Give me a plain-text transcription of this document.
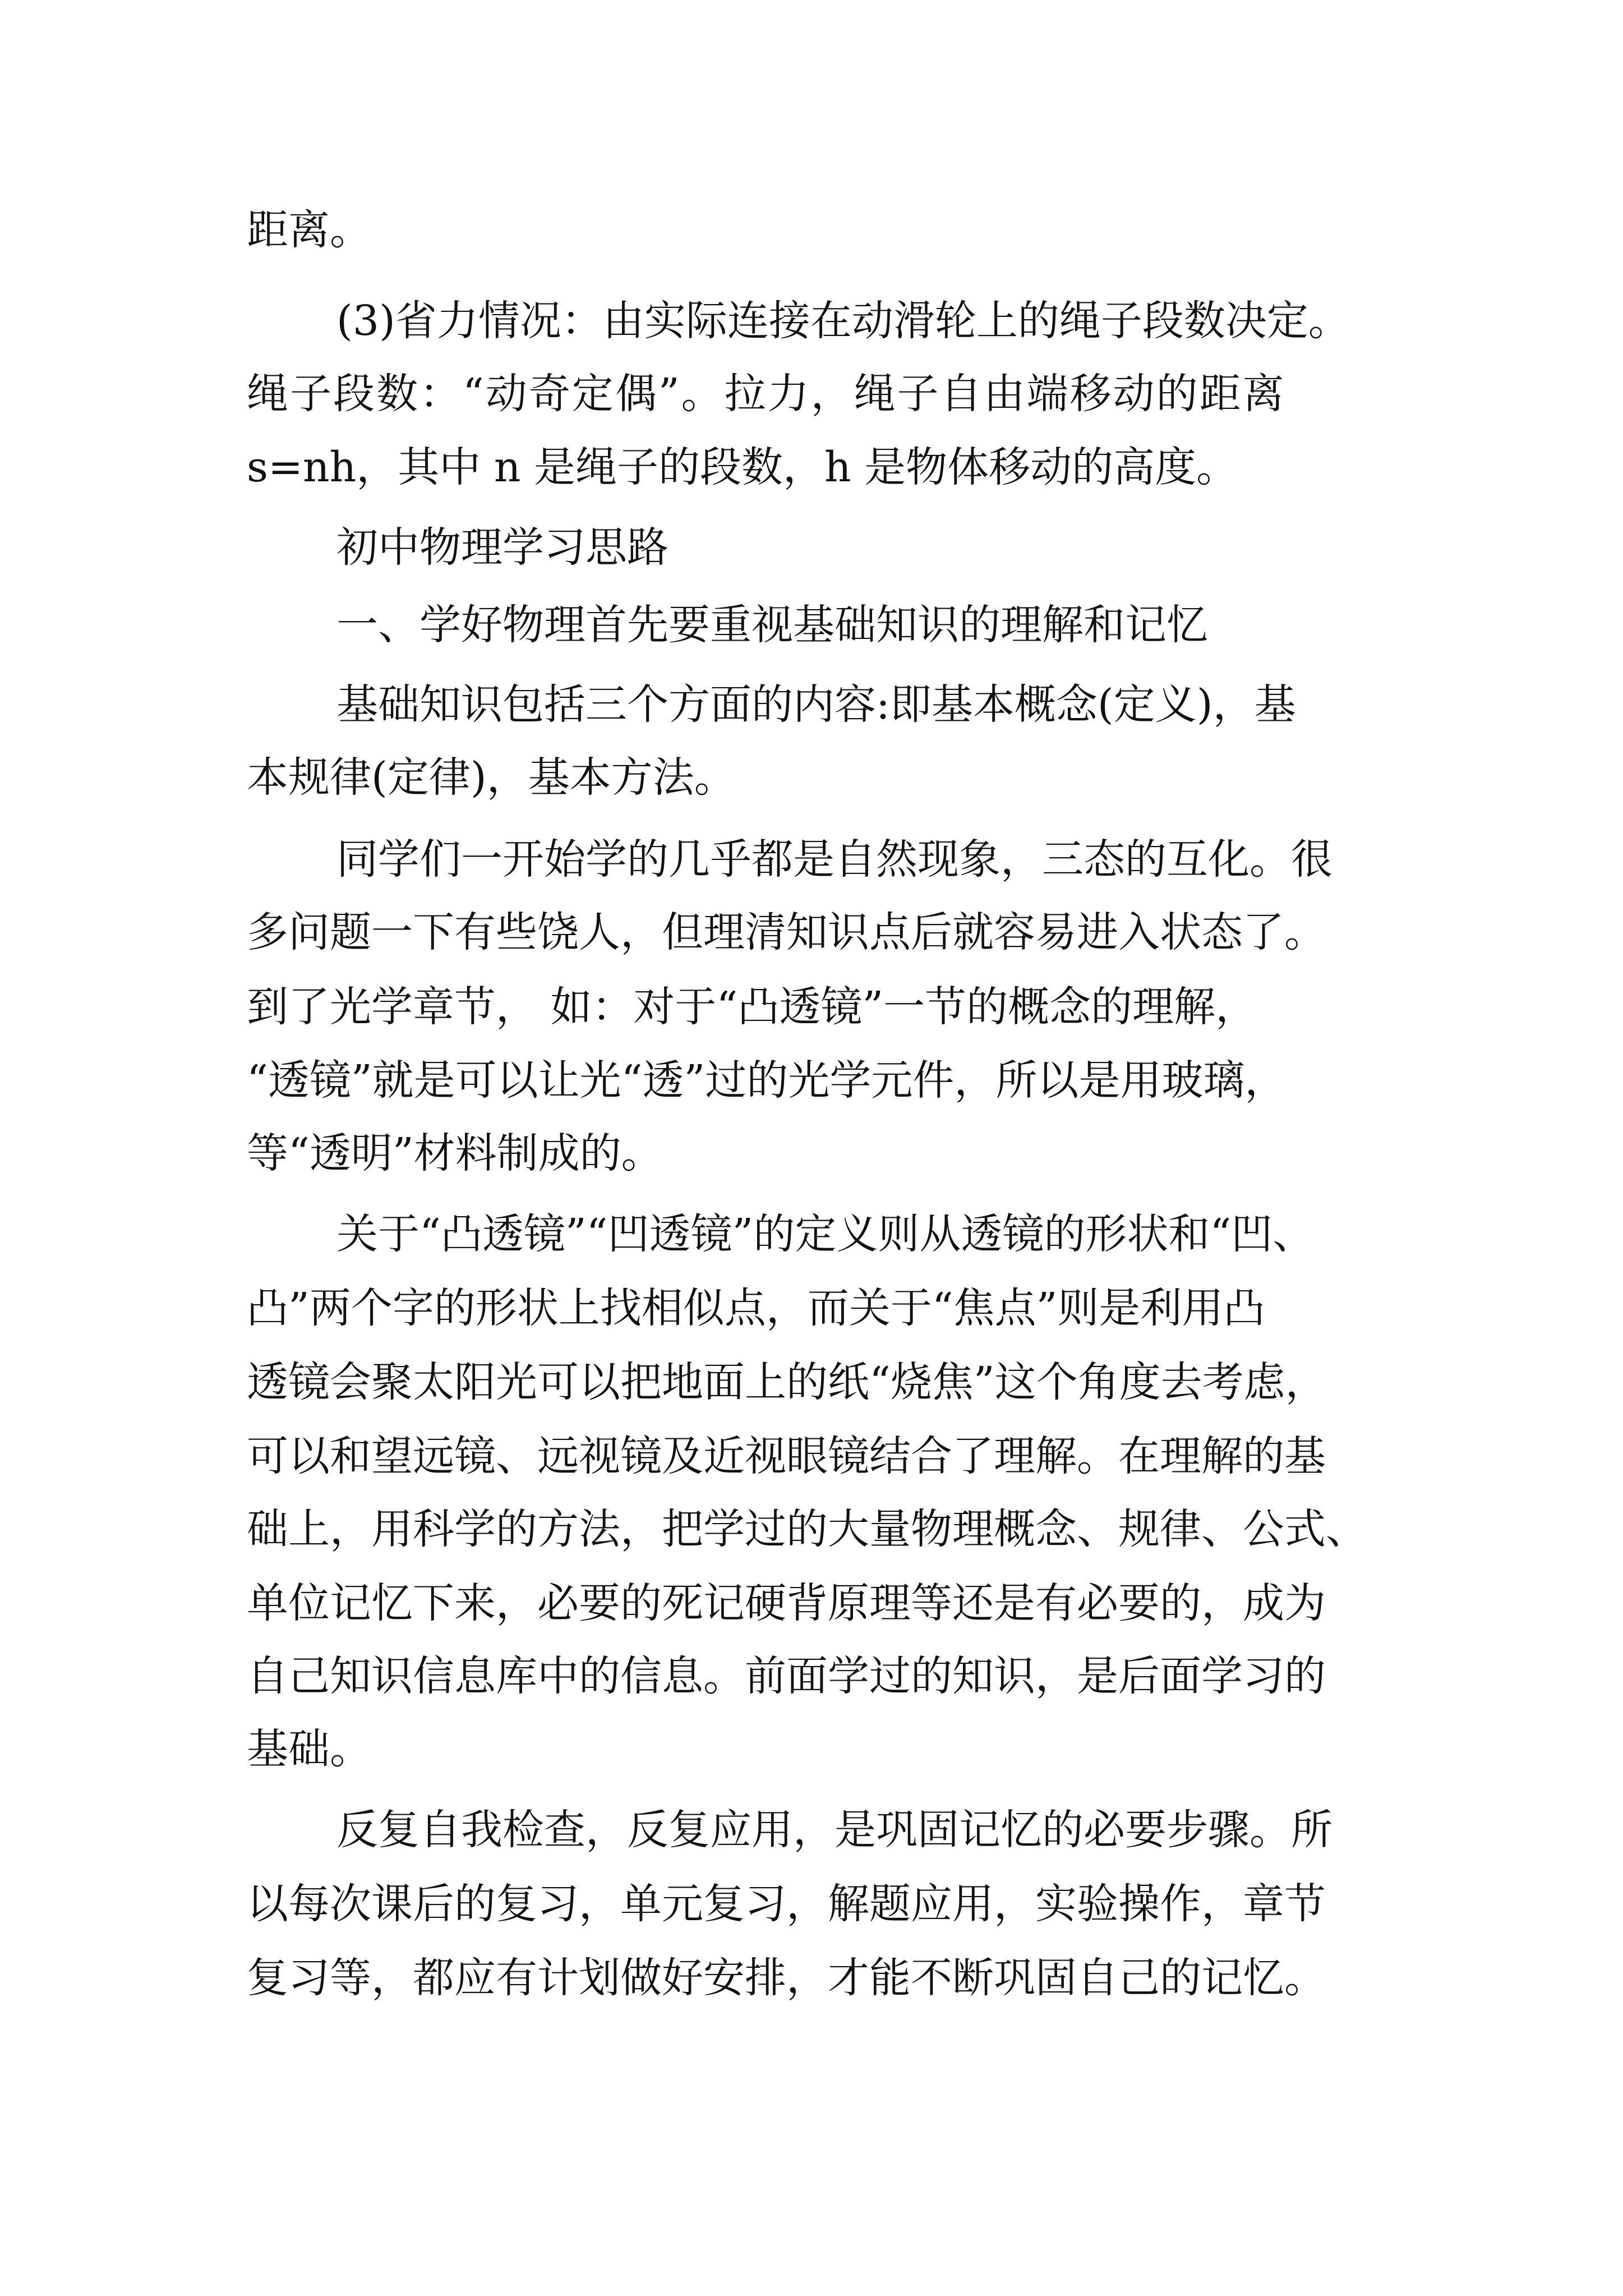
距离。
(3)省力情况：由实际连接在动滑轮上的绳子段数决定。
绳子段数：“动奇定偶”。拉力，绳子自由端移动的距离
s=nh，其中 n 是绳子的段数，h 是物体移动的高度。
初中物理学习思路
一、学好物理首先要重视基础知识的理解和记忆
基础知识包括三个方面的内容:即基本概念(定义)，基
本规律(定律)，基本方法。
同学们一开始学的几乎都是自然现象，三态的互化。很
多问题一下有些饶人，但理清知识点后就容易进入状态了。
到了光学章节， 如：对于“凸透镜”一节的概念的理解，
“透镜”就是可以让光“透”过的光学元件，所以是用玻璃，
等“透明”材料制成的。
关于“凸透镜”“凹透镜”的定义则从透镜的形状和“凹、
凸”两个字的形状上找相似点，而关于“焦点”则是利用凸
透镜会聚太阳光可以把地面上的纸“烧焦”这个角度去考虑，
可以和望远镜、远视镜及近视眼镜结合了理解。在理解的基
础上，用科学的方法，把学过的大量物理概念、规律、公式、
单位记忆下来，必要的死记硬背原理等还是有必要的，成为
自己知识信息库中的信息。前面学过的知识，是后面学习的
基础。
反复自我检查，反复应用，是巩固记忆的必要步骤。所
以每次课后的复习，单元复习，解题应用，实验操作，章节
复习等，都应有计划做好安排，才能不断巩固自己的记忆。
